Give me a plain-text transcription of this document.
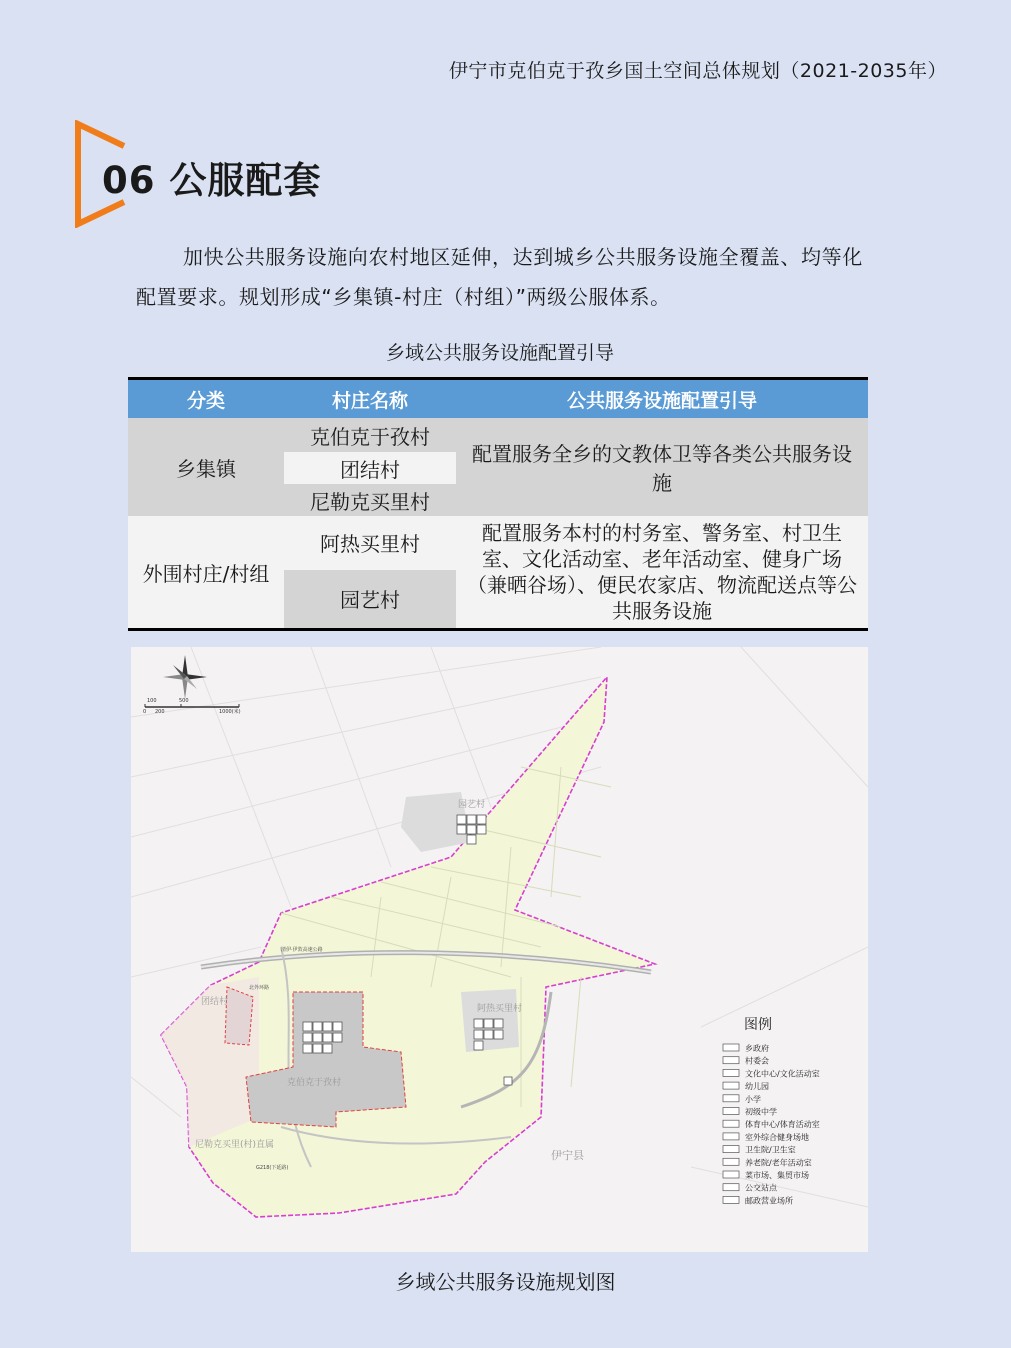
伊宁市克伯克于孜乡国土空间总体规划（2021-2035年）
06 公服配套
加快公共服务设施向农村地区延伸，达到城乡公共服务设施全覆盖、均等化配置要求。规划形成“乡集镇-村庄（村组）”两级公服体系。
乡域公共服务设施配置引导
分类	村庄名称	公共服务设施配置引导
乡集镇	克伯克于孜村	配置服务全乡的文教体卫等各类公共服务设施
	团结村	
	尼勒克买里村	
外围村庄/村组	阿热买里村	配置服务本村的村务室、警务室、村卫生室、文化活动室、老年活动室、健身广场（兼晒谷场）、便民农家店、物流配送点等公共服务设施
	园艺村	
100	500
1000(米)
0 200
园艺村
团结村
克伯克于孜村
尼勒克买里(村)直属
伊宁县
阿热买里村
清伊·伊敦高速公路
北外环路
G218(下延路)
图例
乡政府
村委会
文化中心/文化活动室
幼儿园
小学
初级中学
体育中心/体育活动室
室外综合健身场地
卫生院/卫生室
养老院/老年活动室
菜市场、集贸市场
公交站点
邮政营业场所
乡域公共服务设施规划图
